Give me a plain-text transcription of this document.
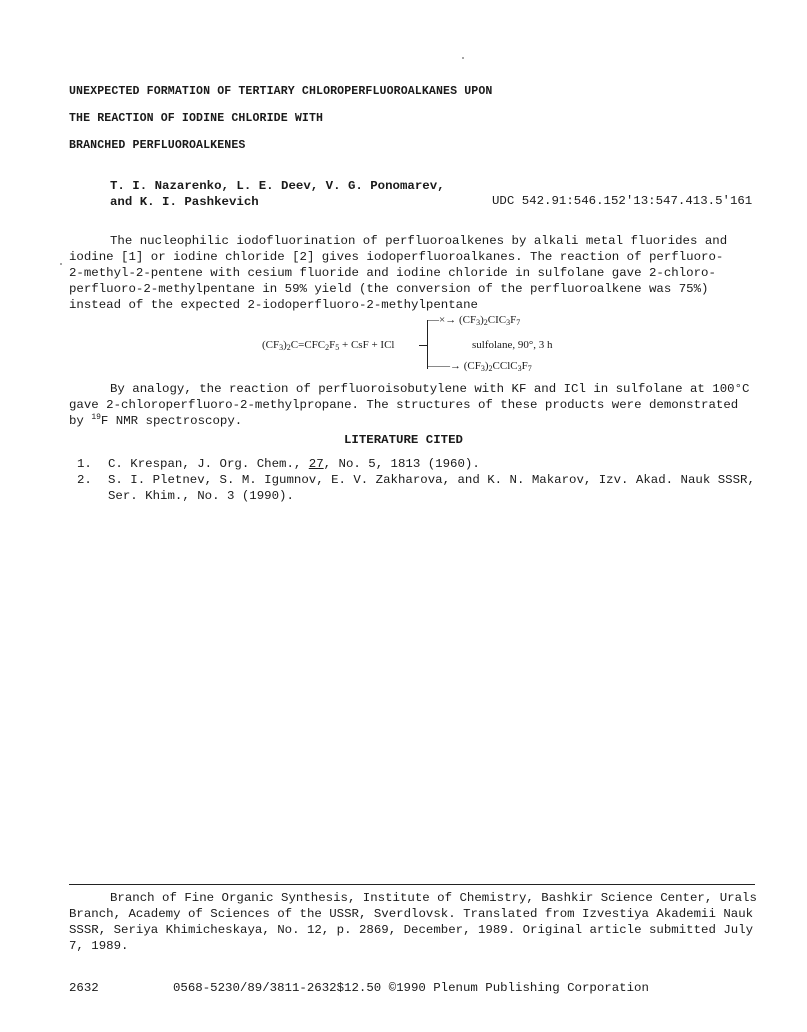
UNEXPECTED FORMATION OF TERTIARY CHLOROPERFLUOROALKANES UPON
THE REACTION OF IODINE CHLORIDE WITH
BRANCHED PERFLUOROALKENES
T. I. Nazarenko, L. E. Deev, V. G. Ponomarev,
and K. I. Pashkevich	UDC 542.91:546.152'13:547.413.5'161
The nucleophilic iodofluorination of perfluoroalkenes by alkali metal fluorides and
iodine [1] or iodine chloride [2] gives iodoperfluoroalkanes. The reaction of perfluoro-
2-methyl-2-pentene with cesium fluoride and iodine chloride in sulfolane gave 2-chloro-
perfluoro-2-methylpentane in 59% yield (the conversion of the perfluoroalkene was 75%)
instead of the expected 2-iodoperfluoro-2-methylpentane
$(CF_3)_2C=CFC_2F_5$ + CsF + ICl
—×→ $(CF_3)_2CIC_3F_7$
sulfolane, 90°, 3 h
——→ $(CF_3)_2CClC_3F_7$
By analogy, the reaction of perfluoroisobutylene with KF and ICl in sulfolane at 100°C
gave 2-chloroperfluoro-2-methylpropane. The structures of these products were demonstrated
by $^{19}$F NMR spectroscopy.
LITERATURE CITED
1. C. Krespan, J. Org. Chem., 27, No. 5, 1813 (1960).
2. S. I. Pletnev, S. M. Igumnov, E. V. Zakharova, and K. N. Makarov, Izv. Akad. Nauk SSSR,
Ser. Khim., No. 3 (1990).
Branch of Fine Organic Synthesis, Institute of Chemistry, Bashkir Science Center, Urals
Branch, Academy of Sciences of the USSR, Sverdlovsk. Translated from Izvestiya Akademii Nauk
SSSR, Seriya Khimicheskaya, No. 12, p. 2869, December, 1989. Original article submitted July
7, 1989.
2632	0568-5230/89/3811-2632$12.50 ©1990 Plenum Publishing Corporation
